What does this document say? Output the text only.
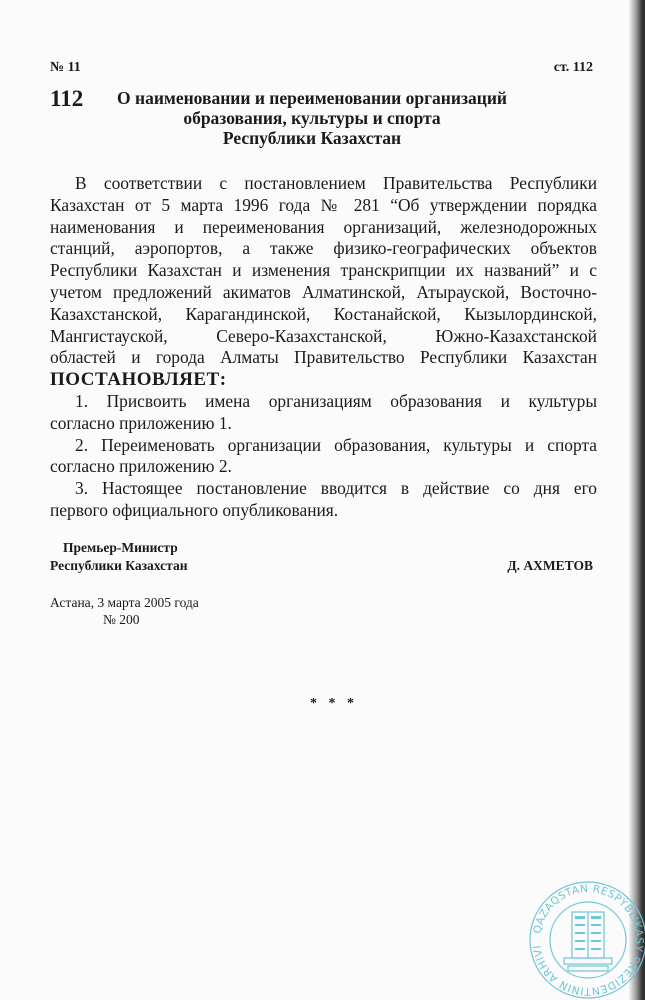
№ 11	ст. 112
112	О наименовании и переименовании организаций
образования, культуры и спорта
Республики Казахстан
В соответствии с постановлением Правительства Республики
Казахстан от 5 марта 1996 года № 281 “Об утверждении порядка
наименования и переименования организаций, железнодорожных
станций, аэропортов, а также физико-географических объектов
Республики Казахстан и изменения транскрипции их названий” и с
учетом предложений акиматов Алматинской, Атырауской, Восточно-
Казахстанской, Карагандинской, Костанайской, Кызылординской,
Мангистауской, Северо-Казахстанской, Южно-Казахстанской
областей и города Алматы Правительство Республики Казахстан
ПОСТАНОВЛЯЕТ:
1. Присвоить имена организациям образования и культуры
согласно приложению 1.
2. Переименовать организации образования, культуры и спорта
согласно приложению 2.
3. Настоящее постановление вводится в действие со дня его
первого официального опубликования.
Премьер-Министр
Республики Казахстан	Д. АХМЕТОВ
Астана, 3 марта 2005 года
№ 200
* * *
QAZAQSTAN RESPÝBLIKASY PREZIDENTINIŃ ARHIVI
